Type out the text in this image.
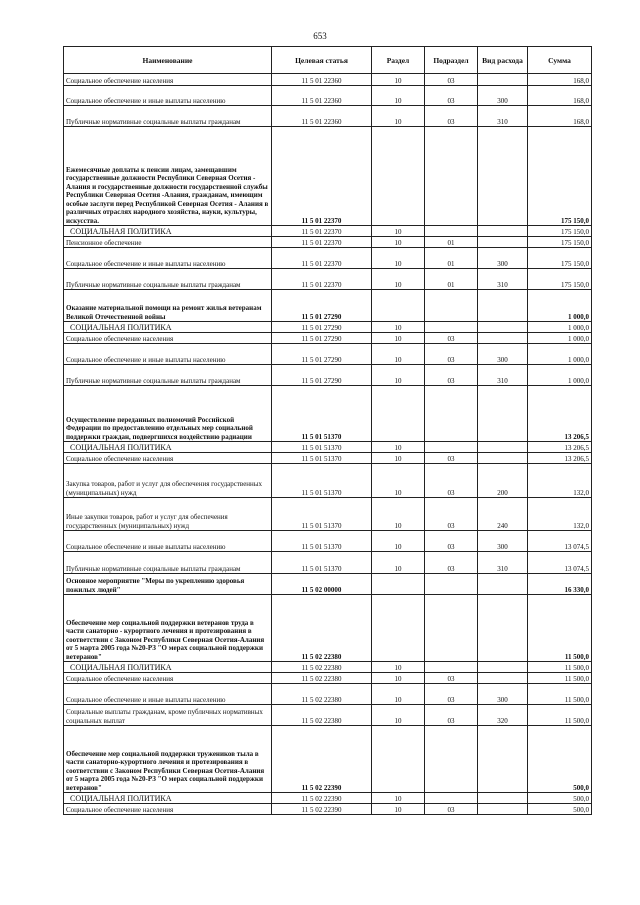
653
Наименование	Целевая статья	Раздел	Подраздел	Вид расхода	Сумма
Социальное обеспечение населения	11 5 01 22360	10	03		168,0
Социальное обеспечение и иные выплаты населению	11 5 01 22360	10	03	300	168,0
Публичные нормативные социальные выплаты гражданам	11 5 01 22360	10	03	310	168,0
Ежемесячные доплаты к пенсии лицам, замещавшим государственные должности Республики Северная Осетия - Алания и государственные должности государственной службы Республики Северная Осетия -Алания, гражданам, имеющим особые заслуги перед Республикой Северная Осетия - Алания в различных отраслях народного хозяйства, науки, культуры, искусства.	11 5 01 22370				175 150,0
СОЦИАЛЬНАЯ ПОЛИТИКА	11 5 01 22370	10			175 150,0
Пенсионное обеспечение	11 5 01 22370	10	01		175 150,0
Социальное обеспечение и иные выплаты населению	11 5 01 22370	10	01	300	175 150,0
Публичные нормативные социальные выплаты гражданам	11 5 01 22370	10	01	310	175 150,0
Оказание материальной помощи на ремонт жилья ветеранам Великой Отечественной войны	11 5 01 27290				1 000,0
СОЦИАЛЬНАЯ ПОЛИТИКА	11 5 01 27290	10			1 000,0
Социальное обеспечение населения	11 5 01 27290	10	03		1 000,0
Социальное обеспечение и иные выплаты населению	11 5 01 27290	10	03	300	1 000,0
Публичные нормативные социальные выплаты гражданам	11 5 01 27290	10	03	310	1 000,0
Осуществление переданных полномочий Российской Федерации по предоставлению отдельных мер социальной поддержки граждан, подвергшихся воздействию радиации	11 5 01 51370				13 206,5
СОЦИАЛЬНАЯ ПОЛИТИКА	11 5 01 51370	10			13 206,5
Социальное обеспечение населения	11 5 01 51370	10	03		13 206,5
Закупка товаров, работ и услуг для обеспечения государственных (муниципальных) нужд	11 5 01 51370	10	03	200	132,0
Иные закупки товаров, работ и услуг для обеспечения государственных (муниципальных) нужд	11 5 01 51370	10	03	240	132,0
Социальное обеспечение и иные выплаты населению	11 5 01 51370	10	03	300	13 074,5
Публичные нормативные социальные выплаты гражданам	11 5 01 51370	10	03	310	13 074,5
Основное мероприятие "Меры по укреплению здоровья пожилых людей"	11 5 02 00000				16 330,0
Обеспечение мер социальной поддержки ветеранов труда в части санаторно - курортного лечения и протезирования в соответствии с Законом Республики Северная Осетия-Алания от 5 марта 2005 года №20-РЗ "О мерах социальной поддержки ветеранов"	11 5 02 22380				11 500,0
СОЦИАЛЬНАЯ ПОЛИТИКА	11 5 02 22380	10			11 500,0
Социальное обеспечение населения	11 5 02 22380	10	03		11 500,0
Социальное обеспечение и иные выплаты населению	11 5 02 22380	10	03	300	11 500,0
Социальные выплаты гражданам, кроме публичных нормативных социальных выплат	11 5 02 22380	10	03	320	11 500,0
Обеспечение мер социальной поддержки тружеников тыла в части санаторно-курортного лечения и протезирования в соответствии с Законом Республики Северная Осетия-Алания от 5 марта 2005 года №20-РЗ "О мерах социальной поддержки ветеранов"	11 5 02 22390				500,0
СОЦИАЛЬНАЯ ПОЛИТИКА	11 5 02 22390	10			500,0
Социальное обеспечение населения	11 5 02 22390	10	03		500,0
